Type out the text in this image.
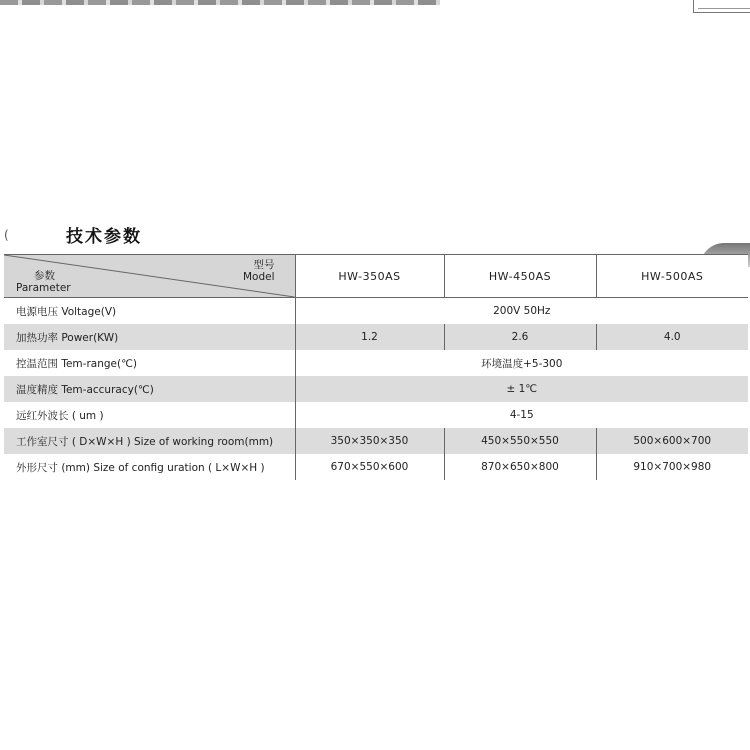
(	技术参数
型号
Model
参数
Parameter	HW-350AS	HW-450AS	HW-500AS
电源电压 Voltage(V)	200V 50Hz		
加热功率 Power(KW)	1.2	2.6	4.0
控温范围 Tem-range(℃)	环境温度+5-300		
温度精度 Tem-accuracy(℃)	± 1℃		
远红外波长 ( um )	4-15		
工作室尺寸 ( D×W×H ) Size of working room(mm)	350×350×350	450×550×550	500×600×700
外形尺寸 (mm) Size of config uration ( L×W×H )	670×550×600	870×650×800	910×700×980
